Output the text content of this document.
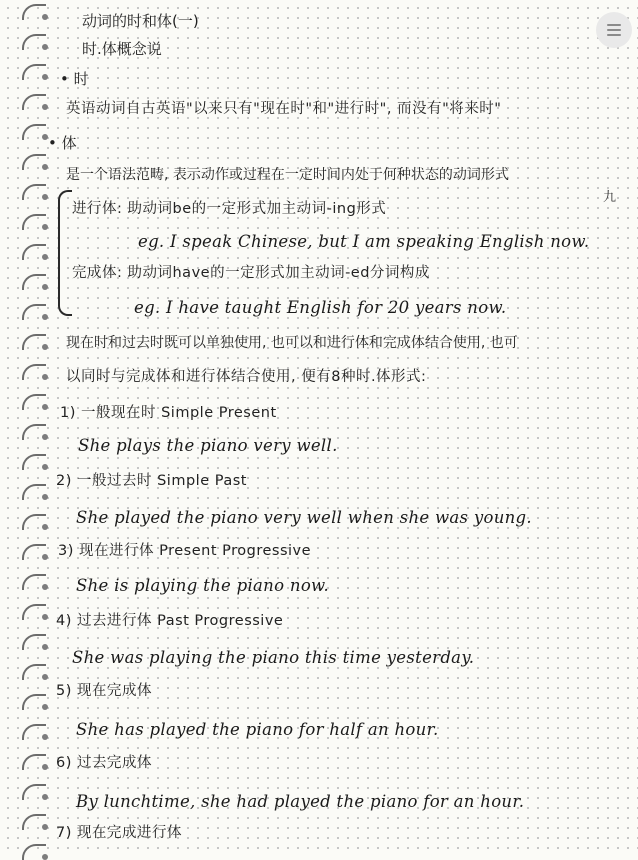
动词的时和体(一)
时.体概念说
• 时
英语动词自古英语"以来只有"现在时"和"进行时", 而没有"将来时"
• 体
是一个语法范畴, 表示动作或过程在一定时间内处于何种状态的动词形式
九
进行体: 助动词be的一定形式加主动词-ing形式
eg. I speak Chinese, but I am speaking English now.
完成体: 助动词have的一定形式加主动词-ed分词构成
eg. I have taught English for 20 years now.
现在时和过去时既可以单独使用, 也可以和进行体和完成体结合使用, 也可
以同时与完成体和进行体结合使用, 便有8种时.体形式:
1) 一般现在时 Simple Present
She plays the piano very well.
2) 一般过去时 Simple Past
She played the piano very well when she was young.
3) 现在进行体 Present Progressive
She is playing the piano now.
4) 过去进行体 Past Progressive
She was playing the piano this time yesterday.
5) 现在完成体
She has played the piano for half an hour.
6) 过去完成体
By lunchtime, she had played the piano for an hour.
7) 现在完成进行体
